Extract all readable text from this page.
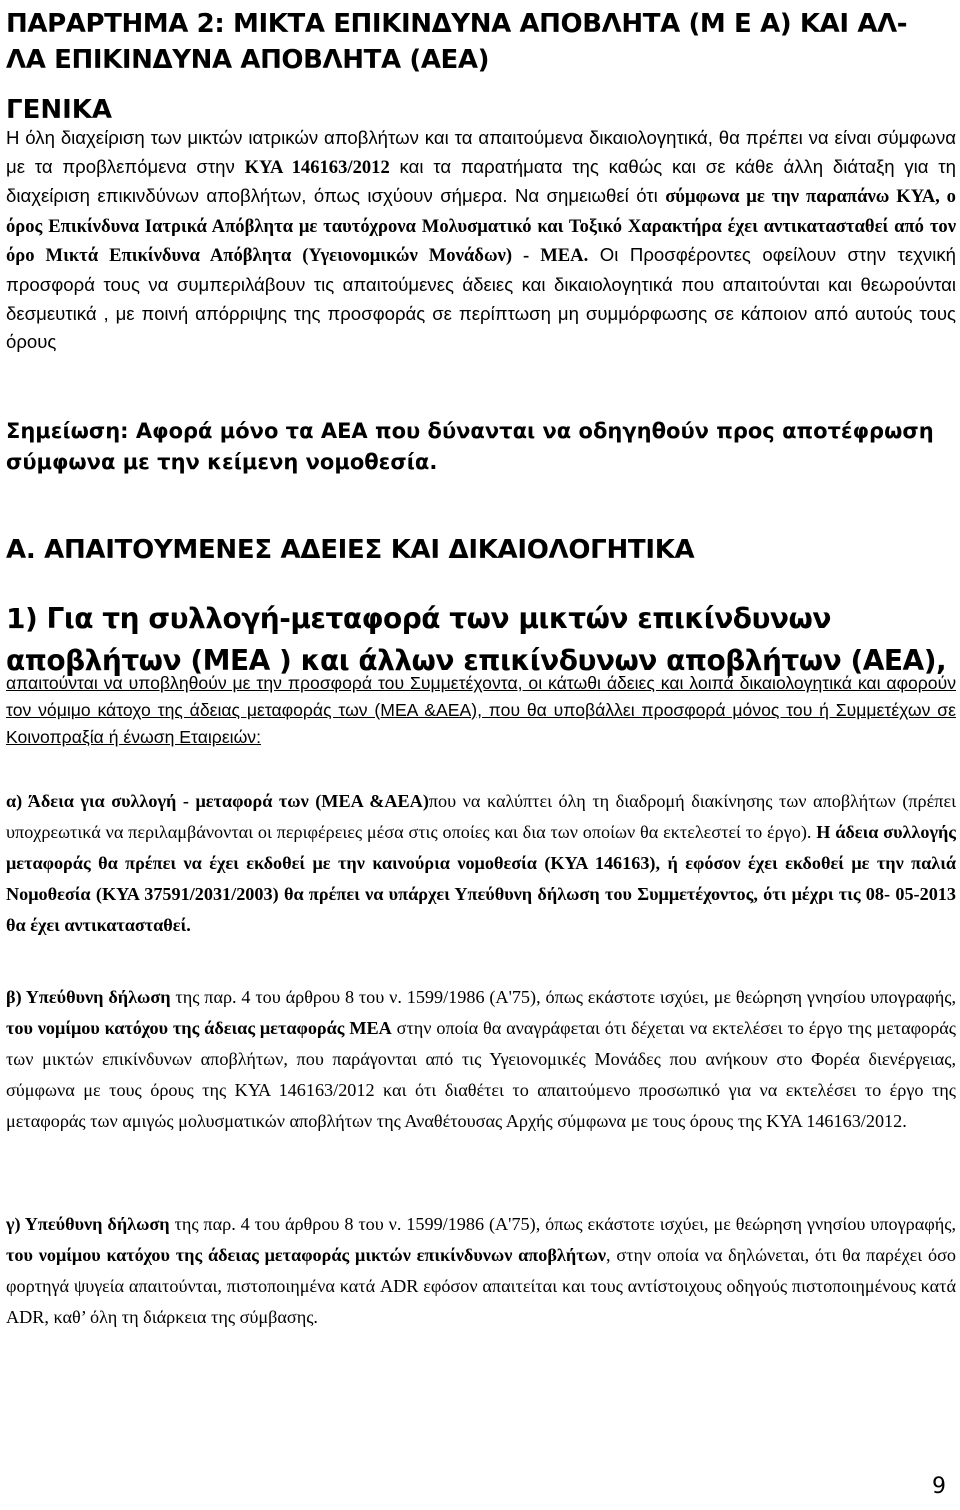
ΠΑΡΑΡΤΗΜΑ 2: ΜΙΚΤΑ ΕΠΙΚΙΝΔΥΝΑ ΑΠΟΒΛΗΤΑ (Μ Ε Α) ΚΑΙ ΑΛ-
ΛΑ ΕΠΙΚΙΝΔΥΝΑ ΑΠΟΒΛΗΤΑ (ΑΕΑ)
ΓΕΝΙΚΑ

Η όλη διαχείριση των μικτών ιατρικών αποβλήτων και τα απαιτούμενα δικαιολογητικά, θα πρέπει να είναι σύμφωνα με τα προβλεπόμενα στην ΚΥΑ 146163/2012 και τα παρατήματα της καθώς και σε κάθε άλλη διάταξη για τη διαχείριση επικινδύνων αποβλήτων, όπως ισχύουν σήμερα. Να σημειωθεί ότι σύμφωνα με την παραπάνω ΚΥΑ, ο όρος Επικίνδυνα Ιατρικά Απόβλητα με ταυτόχρονα Μολυσματικό και Τοξικό Χαρακτήρα έχει αντικατασταθεί από τον όρο Μικτά Επικίνδυνα Απόβλητα (Υγειονομικών Μονάδων) - ΜΕΑ. Οι Προσφέροντες οφείλουν στην τεχνική προσφορά τους να συμπεριλάβουν τις απαιτούμενες άδειες και δικαιολογητικά που απαιτούνται και θεωρούνται δεσμευτικά , με ποινή απόρριψης της προσφοράς σε περίπτωση μη συμμόρφωσης σε κάποιον από αυτούς τους όρους

Σημείωση: Αφορά μόνο τα ΑΕΑ που δύνανται να οδηγηθούν προς αποτέφρωση σύμφωνα με την κείμενη νομοθεσία.

Α. ΑΠΑΙΤΟΥΜΕΝΕΣ ΑΔΕΙΕΣ ΚΑΙ ΔΙΚΑΙΟΛΟΓΗΤΙΚΑ
1) Για τη συλλογή-μεταφορά των μικτών επικίνδυνων αποβλήτων (ΜΕΑ ) και άλλων επικίνδυνων αποβλήτων (ΑΕΑ),

απαιτούνται να υποβληθούν με την προσφορά του Συμμετέχοντα, οι κάτωθι άδειες και λοιπά δικαιολογητικά και αφορούν τον νόμιμο κάτοχο της άδειας μεταφοράς των (ΜΕΑ &ΑΕΑ), που θα υποβάλλει προσφορά μόνος του ή Συμμετέχων σε Κοινοπραξία ή ένωση Εταιρειών:

α) Άδεια για συλλογή - μεταφορά των (ΜΕΑ &ΑΕΑ)που να καλύπτει όλη τη διαδρομή διακίνησης των αποβλήτων (πρέπει υποχρεωτικά να περιλαμβάνονται οι περιφέρειες μέσα στις οποίες και δια των οποίων θα εκτελεστεί το έργο). Η άδεια συλλογής μεταφοράς θα πρέπει να έχει εκδοθεί με την καινούρια νομοθεσία (ΚΥΑ 146163), ή εφόσον έχει εκδοθεί με την παλιά Νομοθεσία (ΚΥΑ 37591/2031/2003) θα πρέπει να υπάρχει Υπεύθυνη δήλωση του Συμμετέχοντος, ότι μέχρι τις 08- 05-2013 θα έχει αντικατασταθεί.

β) Υπεύθυνη δήλωση της παρ. 4 του άρθρου 8 του ν. 1599/1986 (Α'75), όπως εκάστοτε ισχύει, με θεώρηση γνησίου υπογραφής, του νομίμου κατόχου της άδειας μεταφοράς ΜΕΑ στην οποία θα αναγράφεται ότι δέχεται να εκτελέσει το έργο της μεταφοράς των μικτών επικίνδυνων αποβλήτων, που παράγονται από τις Υγειονομικές Μονάδες που ανήκουν στο Φορέα διενέργειας, σύμφωνα με τους όρους της ΚΥΑ 146163/2012 και ότι διαθέτει το απαιτούμενο προσωπικό για να εκτελέσει το έργο της μεταφοράς των αμιγώς μολυσματικών αποβλήτων της Αναθέτουσας Αρχής σύμφωνα με τους όρους της ΚΥΑ 146163/2012.

γ) Υπεύθυνη δήλωση της παρ. 4 του άρθρου 8 του ν. 1599/1986 (Α'75), όπως εκάστοτε ισχύει, με θεώρηση γνησίου υπογραφής, του νομίμου κατόχου της άδειας μεταφοράς μικτών επικίνδυνων αποβλήτων, στην οποία να δηλώνεται, ότι θα παρέχει όσο φορτηγά ψυγεία απαιτούνται, πιστοποιημένα κατά ADR εφόσον απαιτείται και τους αντίστοιχους οδηγούς πιστοποιημένους κατά ADR, καθ’ όλη τη διάρκεια της σύμβασης.

9
